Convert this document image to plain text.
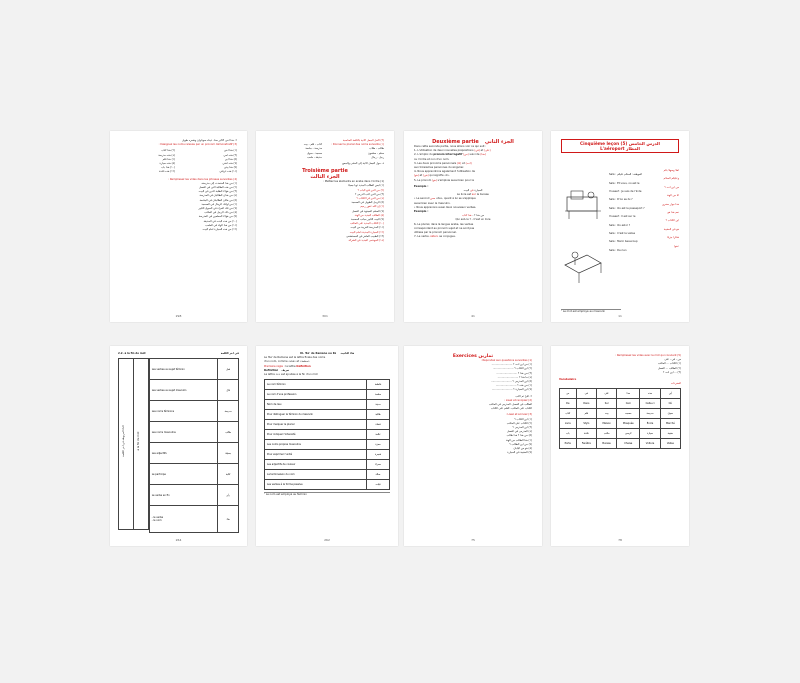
٢- هذا أخي الأكبر سنا. عيناه سوداوان وشعره طويل
(3) Désignez les noms relevés par un pronom démonstratif :
(٢) هذا كتاب
(٤) هذه مدرسة
(٦) هذا قلم
(٨) هذه سيارة
(١٠) هذا باب
(١٢) هذه نافذة
(١) هذا أخي
(٣) هذه أمي
(٥) هذا أبي
(٧) هذه أختي
(٩) هذا بيتي
(١١) هذه غرفتي
(4) Remplissez les vides dans les phrases suivantes :
(١) من هذا المتحدث إلى مدرسته
(٢) من هذه الطالبة التي في الفصل
(٣) من هؤلاء الطلبة الذين في البيت
(٤) من هذان الطالبان في المدرسة
(٥) من هاتان الطالبتان في الجامعة
(٦) من أولئك الرجال في المسجد
(٧) من تلك المرأة في السوق الكبير
(٨) من ذلك الرجل في المكتب
(٩) من هؤلاء المعلمين في المدرسة
(١٠) من هذه البنت في الحديقة
(١١) من هذا الولد في الملعب
(١٢) من هذه السيارة أمام البيت
298
(٣) أكمل الجمل الآتية بالكلمة المناسبة
كتاب - قلم - بيت
مدرسة - جامعة
مسجد - سوق
حديقة - ملعب
(١) Donnez le pluriel des noms suivants :
طالب - طلاب
معلم - معلمون
رجل - رجال
٤- حول الجمل الآتية إلى المثنى والجمع
Troisième partie
الجزء الثالث
(1) Mettez les éléments en arabe dans l'ordre :
(١) لبس الطالب الجديد ثوبا جميلا
(٢) من الذي فتح الباب ؟
(٣) من الذي كتب الدرس ؟
(٤) من الذي قرأ الكتاب ؟
(٥) الرجل الطويل في المسجد
(٦) إن الله غفور رحيم
(٧) المعلم المجتهد في الفصل
(٨) الطالب الجديد من الهند
(٩) البيت الكبير بجانب المسجد
(١٠) الكتاب الجديد على المكتب
(١١) المدرسة القريبة من البيت
(١٢) السيارة الجديدة أمام البيت
(١٣) الطبيب الماهر في المستشفى
(١٤) المهندس الجديد في الشركة
301
Deuxième partie الجزء الثاني
Dans cette seconde partie, nous allons voir ce qui suit :
1- L'utilisation de deux nouvelles prépositions (في) et (على)
2- L'emploi du pronom interrogatif (من) suivi de (هذا)
ou l'ordre et non d'un nom.
3- Les deux pronoms personnels (أنا) et (أنت)
aux troisièmes personnes du singulier.
4- Nous apprendrons également l'utilisation de
(هو) et (هي) qui signifie «il».
5- Le pronom (هو) s'emploie aussi bien pour la
Exemple :
السيارة في البيت
Le livre est sur le bureau
• Le second ممن «de», quant à lui se s'applique
aussi bien avec le masculin.
• Nous apprenons aussi deux nouveaux verbes.
Exemple :
من هذا ؟ - هذا كتاب
Qui est-ce ? - C'est un livre
6- Le pluriel, dans la langue arabe, les verbes
correspondant au pronom sujet et ne sont pas
utilisés par le pronom personnel.
7- Le verbe «aller» se conjugue.
41
Cinquième leçon (5) الدرس الخامس
L'aéroport المطار
أهلا وسهلا بكم
Salé : الموظف: السلام عليكم
وعليكم السلام
Salé : Et vous, où est le
من أين أنت ؟
Youssef : Je suis de l'Inde
أنا من الهند
Salé : D'où es-tu ?
هذا جواز سفري
Salé : Où est le passeport ?
نعم هذا هو
Youssef : Il est sur le
أين الكتاب ؟
Salé : Où est-il ?
هو في الحقيبة
Salé : C'est la valise
شكرا جزيلا
Salé : Merci beaucoup
عفوا
Salé : De rien
¹ Le mot est employé au masculin
11
2.2. à la fin de mot	في آخر الكلمة
التاء المربوطة في آخر الكلمة	à la fin du mot
Les verbes au sujet féminin	فعل
Les verbes au sujet masculin	قال
Les noms féminins	مدرسة
Les noms masculins	طالب
Les adjectifs	جميلة
Le participe	كاتبة
Le verbe en fin	رأى
- le verbe
- le nom	هاء
264
III- 'Ré' de Ramène ou Ré هاء التأنيث
Le 'Ré' de Ramène est la lettre finale des noms
d'un nom, comme «فتاة» et «معلمة»
Première règle : la lettre Définition
Définition تعريف
La lettre «ة» est ajoutée à la fin d'un mot
Le nom féminin	فاطمة
Le nom d'une profession	معلمة
Nom de lieu	مدينة
Pour distinguer le féminin du masculin	طالبة
Pour marquer le pluriel	قضاة
Pour indiquer l'intensité	علامة
Les noms propres masculins	حمزة
Pour exprimer l'unité	شجرة
Les adjectifs de couleur	حمراء
La terminaison du nom	صلاة
Les verbes à la forme passive	قيلت
¹ Le nom est employé au féminin
262
Exercices تمارين
(1) Répondez aux questions suivantes :
(١) من أين أنت ؟ .........................
(٢) أين الكتاب ؟ .........................
(٣) من هذا ؟ .........................
(٤) ما هذا ؟ .........................
(٥) أين المدرس ؟ .........................
(٦) من هذه ؟ .........................
(٧) أين السيارة ؟ .........................
٢- أقرأ ثم أكتب
(2) Lisez et recopiez :
الطالب في الفصل. المدرس في المكتب
الكتاب على المكتب. القلم على الكتاب
(3) Lisez et écrivez :
(١) أين الكتاب ؟
(٢) الكتاب على المكتب
(٣) أين المدرس ؟
(٤) المدرس في الفصل
(٥) من هذا ؟ هذا طالب
(٦) هذا الطالب من الهند
(٧) من أين الطالب ؟
(٨) هو من اليابان
(٩) الحقيبة في السيارة
75
(5) Remplissez les vides avec le mot qui convient :
من - في - على
(١) الكتاب ... المكتب
(٢) الطالب ... الفصل
(٣) ... أين أنت ؟
Vocabulaire
المفردات
من	في	على	هذا	هذه	أين
De	Dans	Sur	Ceci	Celle-ci	Où
كتاب	قلم	بيت	مسجد	مدرسة	سوق
Livre	Stylo	Maison	Mosquée	École	Marché
باب	نافذة	مكتب	كرسي	سيارة	حقيبة
Porte	Fenêtre	Bureau	Chaise	Voiture	Valise
78
